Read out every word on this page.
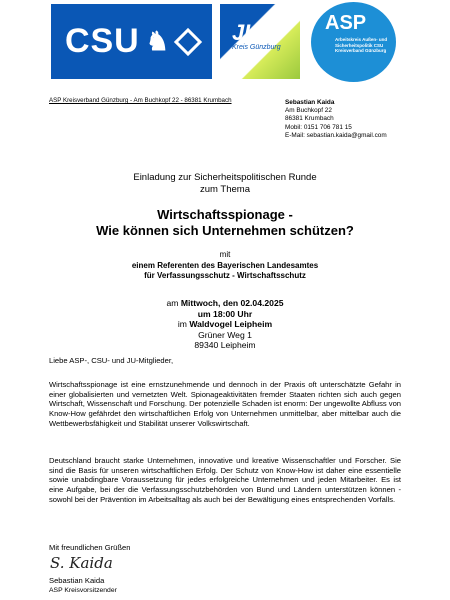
CSU ♞	JU
Kreis Günzburg
ASP
Arbeitskreis Außen- und Sicherheitspolitik CSU Kreisverband Günzburg
ASP Kreisverband Günzburg - Am Buchkopf 22 - 86381 Krumbach	Sebastian Kaida
Am Buchkopf 22
86381 Krumbach
Mobil: 0151 706 781 15
E-Mail: sebastian.kaida@gmail.com
Einladung zur Sicherheitspolitischen Runde
zum Thema
Wirtschaftsspionage -
Wie können sich Unternehmen schützen?
mit
einem Referenten des Bayerischen Landesamtes
für Verfassungsschutz - Wirtschaftsschutz
am Mittwoch, den 02.04.2025
um 18:00 Uhr
im Waldvogel Leipheim
Grüner Weg 1
89340 Leipheim
Liebe ASP-, CSU- und JU-Mitglieder,
Wirtschaftsspionage ist eine ernstzunehmende und dennoch in der Praxis oft unterschätzte Gefahr in einer globalisierten und vernetzten Welt. Spionageaktivitäten fremder Staaten richten sich auch gegen Wirtschaft, Wissenschaft und Forschung. Der potenzielle Schaden ist enorm: Der ungewollte Abfluss von Know-How gefährdet den wirtschaftlichen Erfolg von Unternehmen unmittelbar, aber mittelbar auch die Wettbewerbsfähigkeit und Stabilität unserer Volkswirtschaft.
Deutschland braucht starke Unternehmen, innovative und kreative Wissenschaftler und Forscher. Sie sind die Basis für unseren wirtschaftlichen Erfolg. Der Schutz von Know-How ist daher eine essentielle sowie unabdingbare Voraussetzung für jedes erfolgreiche Unternehmen und jeden Mitarbeiter. Es ist eine Aufgabe, bei der die Verfassungsschutzbehörden von Bund und Ländern unterstützen können - sowohl bei der Prävention im Arbeitsalltag als auch bei der Bewältigung eines entsprechenden Vorfalls.
Mit freundlichen Grüßen
S. Kaida
Sebastian Kaida
ASP Kreisvorsitzender
